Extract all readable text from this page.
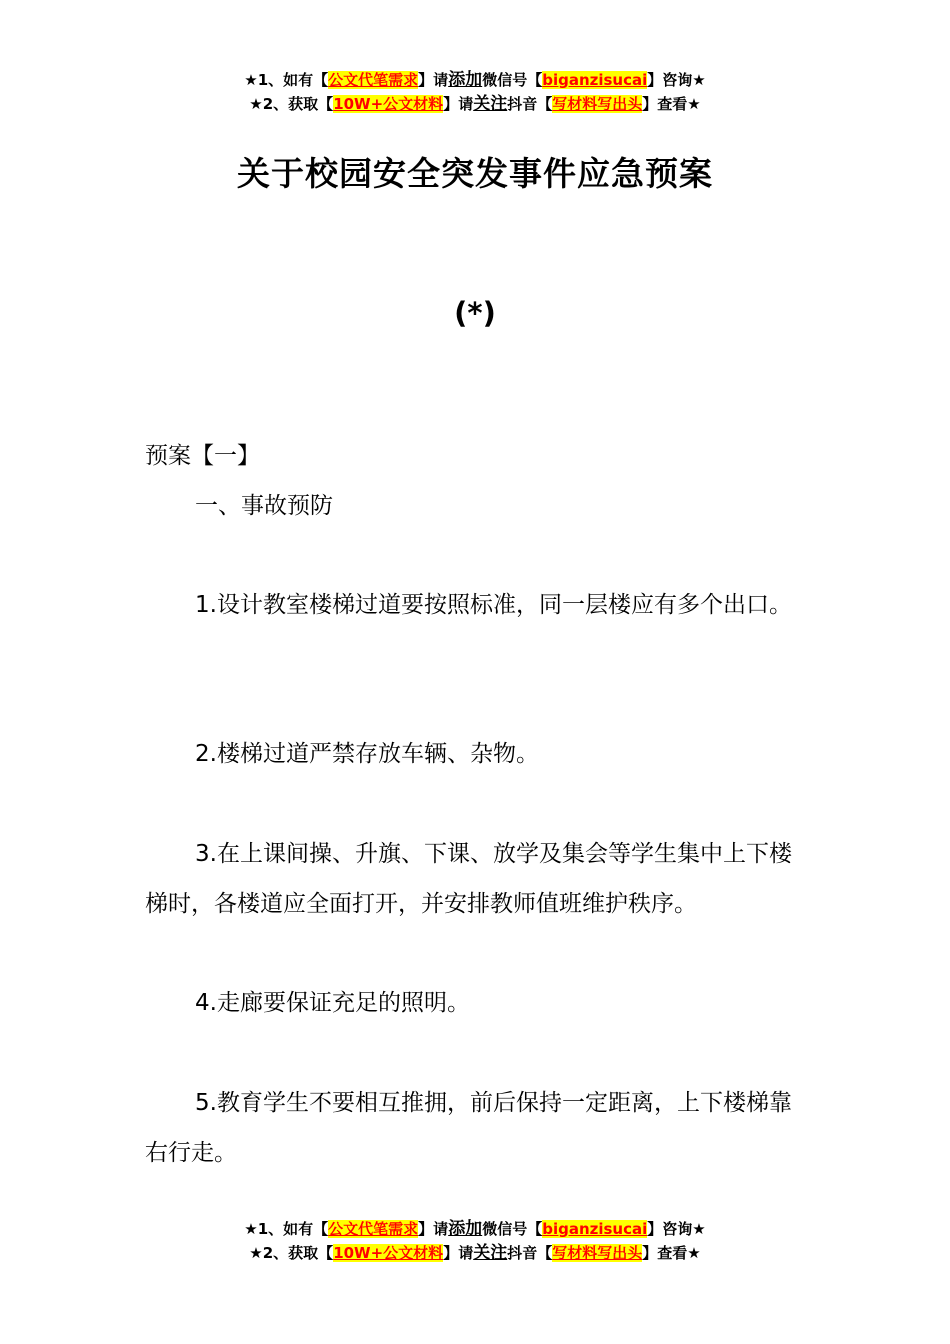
★1、如有【公文代笔需求】请添加微信号【biganzisucai】咨询★
★2、获取【10W+公文材料】请关注抖音【写材料写出头】查看★
关于校园安全突发事件应急预案
(*)
预案【一】
一、事故预防
1.设计教室楼梯过道要按照标准，同一层楼应有多个出口。
2.楼梯过道严禁存放车辆、杂物。
3.在上课间操、升旗、下课、放学及集会等学生集中上下楼梯时，各楼道应全面打开，并安排教师值班维护秩序。
4.走廊要保证充足的照明。
5.教育学生不要相互推拥，前后保持一定距离，上下楼梯靠右行走。
★1、如有【公文代笔需求】请添加微信号【biganzisucai】咨询★
★2、获取【10W+公文材料】请关注抖音【写材料写出头】查看★
